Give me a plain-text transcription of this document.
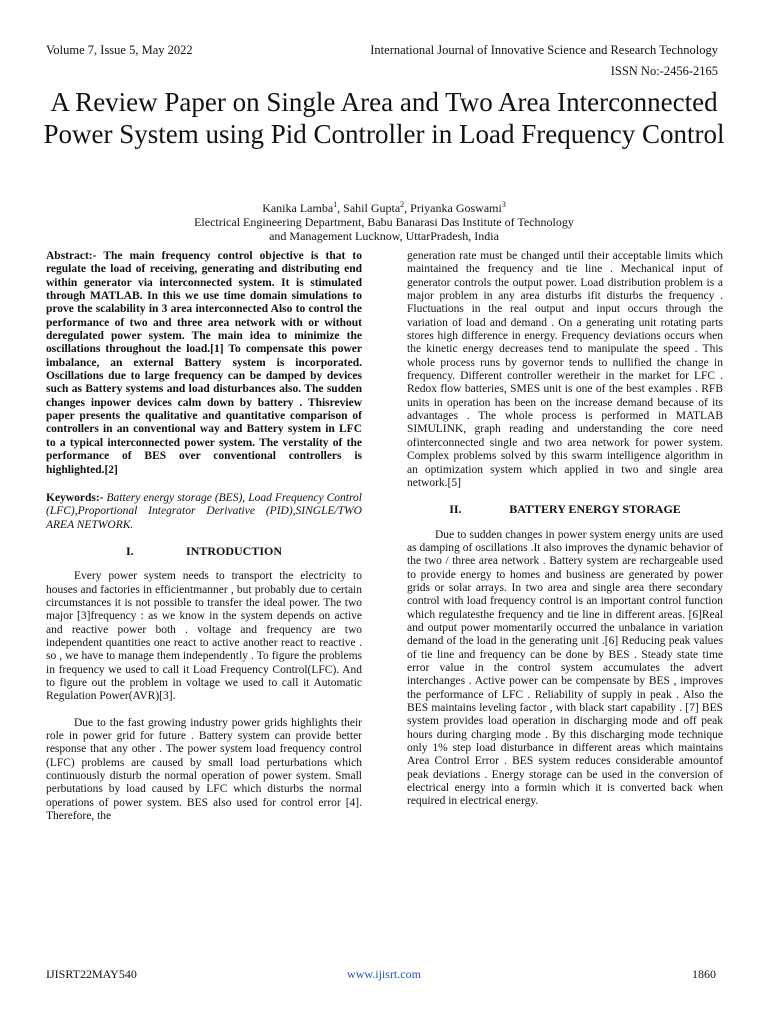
Volume 7, Issue 5, May 2022	International Journal of Innovative Science and Research Technology
ISSN No:-2456-2165
A Review Paper on Single Area and Two Area Interconnected Power System using Pid Controller in Load Frequency Control
Kanika Lamba$^1$, Sahil Gupta$^2$, Priyanka Goswami$^3$
Electrical Engineering Department, Babu Banarasi Das Institute of Technology
and Management Lucknow, UttarPradesh, India

Abstract:- The main frequency control objective is that to regulate the load of receiving, generating and distributing end within generator via interconnected system. It is stimulated through MATLAB. In this we use time domain simulations to prove the scalability in 3 area interconnected Also to control the performance of two and three area network with or without deregulated power system. The main idea to minimize the oscillations throughout the load.[1] To compensate this power imbalance, an external Battery system is incorporated. Oscillations due to large frequency can be damped by devices such as Battery systems and load disturbances also. The sudden changes inpower devices calm down by battery . Thisreview paper presents the qualitative and quantitative comparison of controllers in an conventional way and Battery system in LFC to a typical interconnected power system. The verstality of the performance of BES over conventional controllers is highlighted.[2]

Keywords:- Battery energy storage (BES), Load Frequency Control (LFC),Proportional Integrator Derivative (PID),SINGLE/TWO AREA NETWORK.

I.	INTRODUCTION

Every power system needs to transport the electricity to houses and factories in efficientmanner , but probably due to certain circumstances it is not possible to transfer the ideal power. The two major [3]frequency : as we know in the system depends on active and reactive power both . voltage and frequency are two independent quantities one react to active another react to reactive . so , we have to manage them independently . To figure the problems in frequency we used to call it Load Frequency Control(LFC). And to figure out the problem in voltage we used to call it Automatic Regulation Power(AVR)[3].

Due to the fast growing industry power grids highlights their role in power grid for future . Battery system can provide better response that any other . The power system load frequency control (LFC) problems are caused by small load perturbations which continuously disturb the normal operation of power system. Small perbutations by load caused by LFC which disturbs the normal operations of power system. BES also used for control error [4]. Therefore, the

generation rate must be changed until their acceptable limits which maintained the frequency and tie line . Mechanical input of generator controls the output power. Load distribution problem is a major problem in any area disturbs ifit disturbs the frequency . Fluctuations in the real output and input occurs through the variation of load and demand . On a generating unit rotating parts stores high difference in energy. Frequency deviations occurs when the kinetic energy decreases tend to manipulate the speed . This whole process runs by governor tends to nullified the change in frequency. Different controller weretheir in the market for LFC . Redox flow batteries, SMES unit is one of the best examples . RFB units in operation has been on the increase demand because of its advantages . The whole process is performed in MATLAB SIMULINK, graph reading and understanding the core need ofinterconnected single and two area network for power system. Complex problems solved by this swarm intelligence algorithm in an optimization system which applied in two and single area network.[5]

II.	BATTERY ENERGY STORAGE

Due to sudden changes in power system energy units are used as damping of oscillations .It also improves the dynamic behavior of the two / three area network . Battery system are rechargeable used to provide energy to homes and business are generated by power grids or solar arrays. In two area and single area there secondary control with load frequency control is an important control function which regulatesthe frequency and tie line in different areas. [6]Real and output power momentarily occurred the unbalance in variation demand of the load in the generating unit .[6] Reducing peak values of tie line and frequency can be done by BES . Steady state time error value in the control system accumulates the advert interchanges . Active power can be compensate by BES , improves the performance of LFC . Reliability of supply in peak . Also the BES maintains leveling factor , with black start capability . [7] BES system provides load operation in discharging mode and off peak hours during charging mode . By this discharging mode technique only 1% step load disturbance in different areas which maintains Area Control Error . BES system reduces considerable amountof peak deviations . Energy storage can be used in the conversion of electrical energy into a formin which it is converted back when required in electrical energy.

IJISRT22MAY540	www.ijisrt.com	1860
